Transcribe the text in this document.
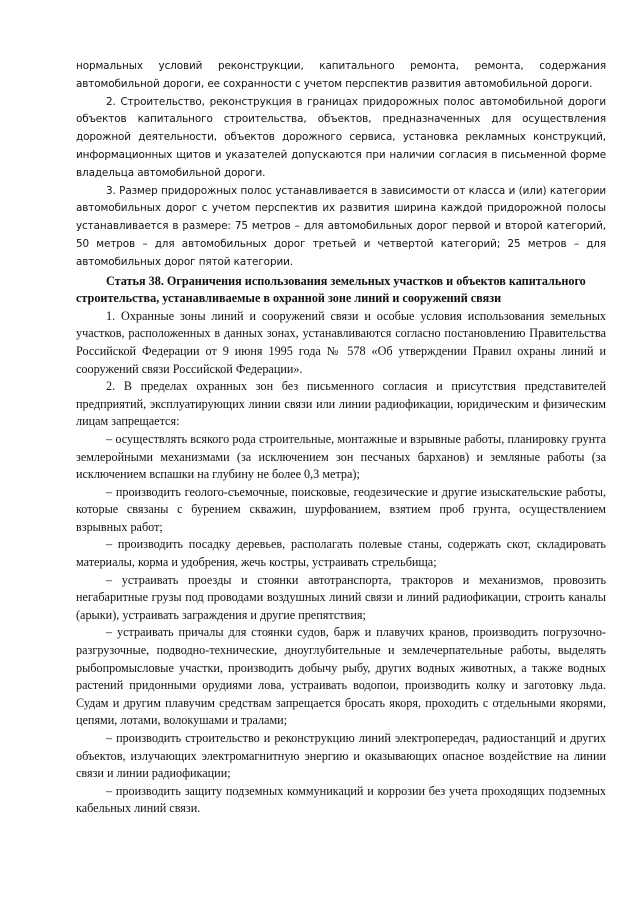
нормальных условий реконструкции, капитального ремонта, ремонта, содержания автомобильной дороги, ее сохранности с учетом перспектив развития автомобильной дороги.

2. Строительство, реконструкция в границах придорожных полос автомобильной дороги объектов капитального строительства, объектов, предназначенных для осуществления дорожной деятельности, объектов дорожного сервиса, установка рекламных конструкций, информационных щитов и указателей допускаются при наличии согласия в письменной форме владельца автомобильной дороги.

3. Размер придорожных полос устанавливается в зависимости от класса и (или) категории автомобильных дорог с учетом перспектив их развития ширина каждой придорожной полосы устанавливается в размере: 75 метров – для автомобильных дорог первой и второй категорий, 50 метров – для автомобильных дорог третьей и четвертой категорий; 25 метров – для автомобильных дорог пятой категории.

Статья 38. Ограничения использования земельных участков и объектов капитального строительства, устанавливаемые в охранной зоне линий и сооружений связи

1. Охранные зоны линий и сооружений связи и особые условия использования земельных участков, расположенных в данных зонах, устанавливаются согласно постановлению Правительства Российской Федерации от 9 июня 1995 года № 578 «Об утверждении Правил охраны линий и сооружений связи Российской Федерации».

2. В пределах охранных зон без письменного согласия и присутствия представителей предприятий, эксплуатирующих линии связи или линии радиофикации, юридическим и физическим лицам запрещается:

– осуществлять всякого рода строительные, монтажные и взрывные работы, планировку грунта землеройными механизмами (за исключением зон песчаных барханов) и земляные работы (за исключением вспашки на глубину не более 0,3 метра);

– производить геолого-съемочные, поисковые, геодезические и другие изыскательские работы, которые связаны с бурением скважин, шурфованием, взятием проб грунта, осуществлением взрывных работ;

– производить посадку деревьев, располагать полевые станы, содержать скот, складировать материалы, корма и удобрения, жечь костры, устраивать стрельбища;

– устраивать проезды и стоянки автотранспорта, тракторов и механизмов, провозить негабаритные грузы под проводами воздушных линий связи и линий радиофикации, строить каналы (арыки), устраивать заграждения и другие препятствия;

– устраивать причалы для стоянки судов, барж и плавучих кранов, производить погрузочно-разгрузочные, подводно-технические, дноуглубительные и землечерпательные работы, выделять рыбопромысловые участки, производить добычу рыбу, других водных животных, а также водных растений придонными орудиями лова, устраивать водопои, производить колку и заготовку льда. Судам и другим плавучим средствам запрещается бросать якоря, проходить с отдельными якорями, цепями, лотами, волокушами и тралами;

– производить строительство и реконструкцию линий электропередач, радиостанций и других объектов, излучающих электромагнитную энергию и оказывающих опасное воздействие на линии связи и линии радиофикации;

– производить защиту подземных коммуникаций и коррозии без учета проходящих подземных кабельных линий связи.
